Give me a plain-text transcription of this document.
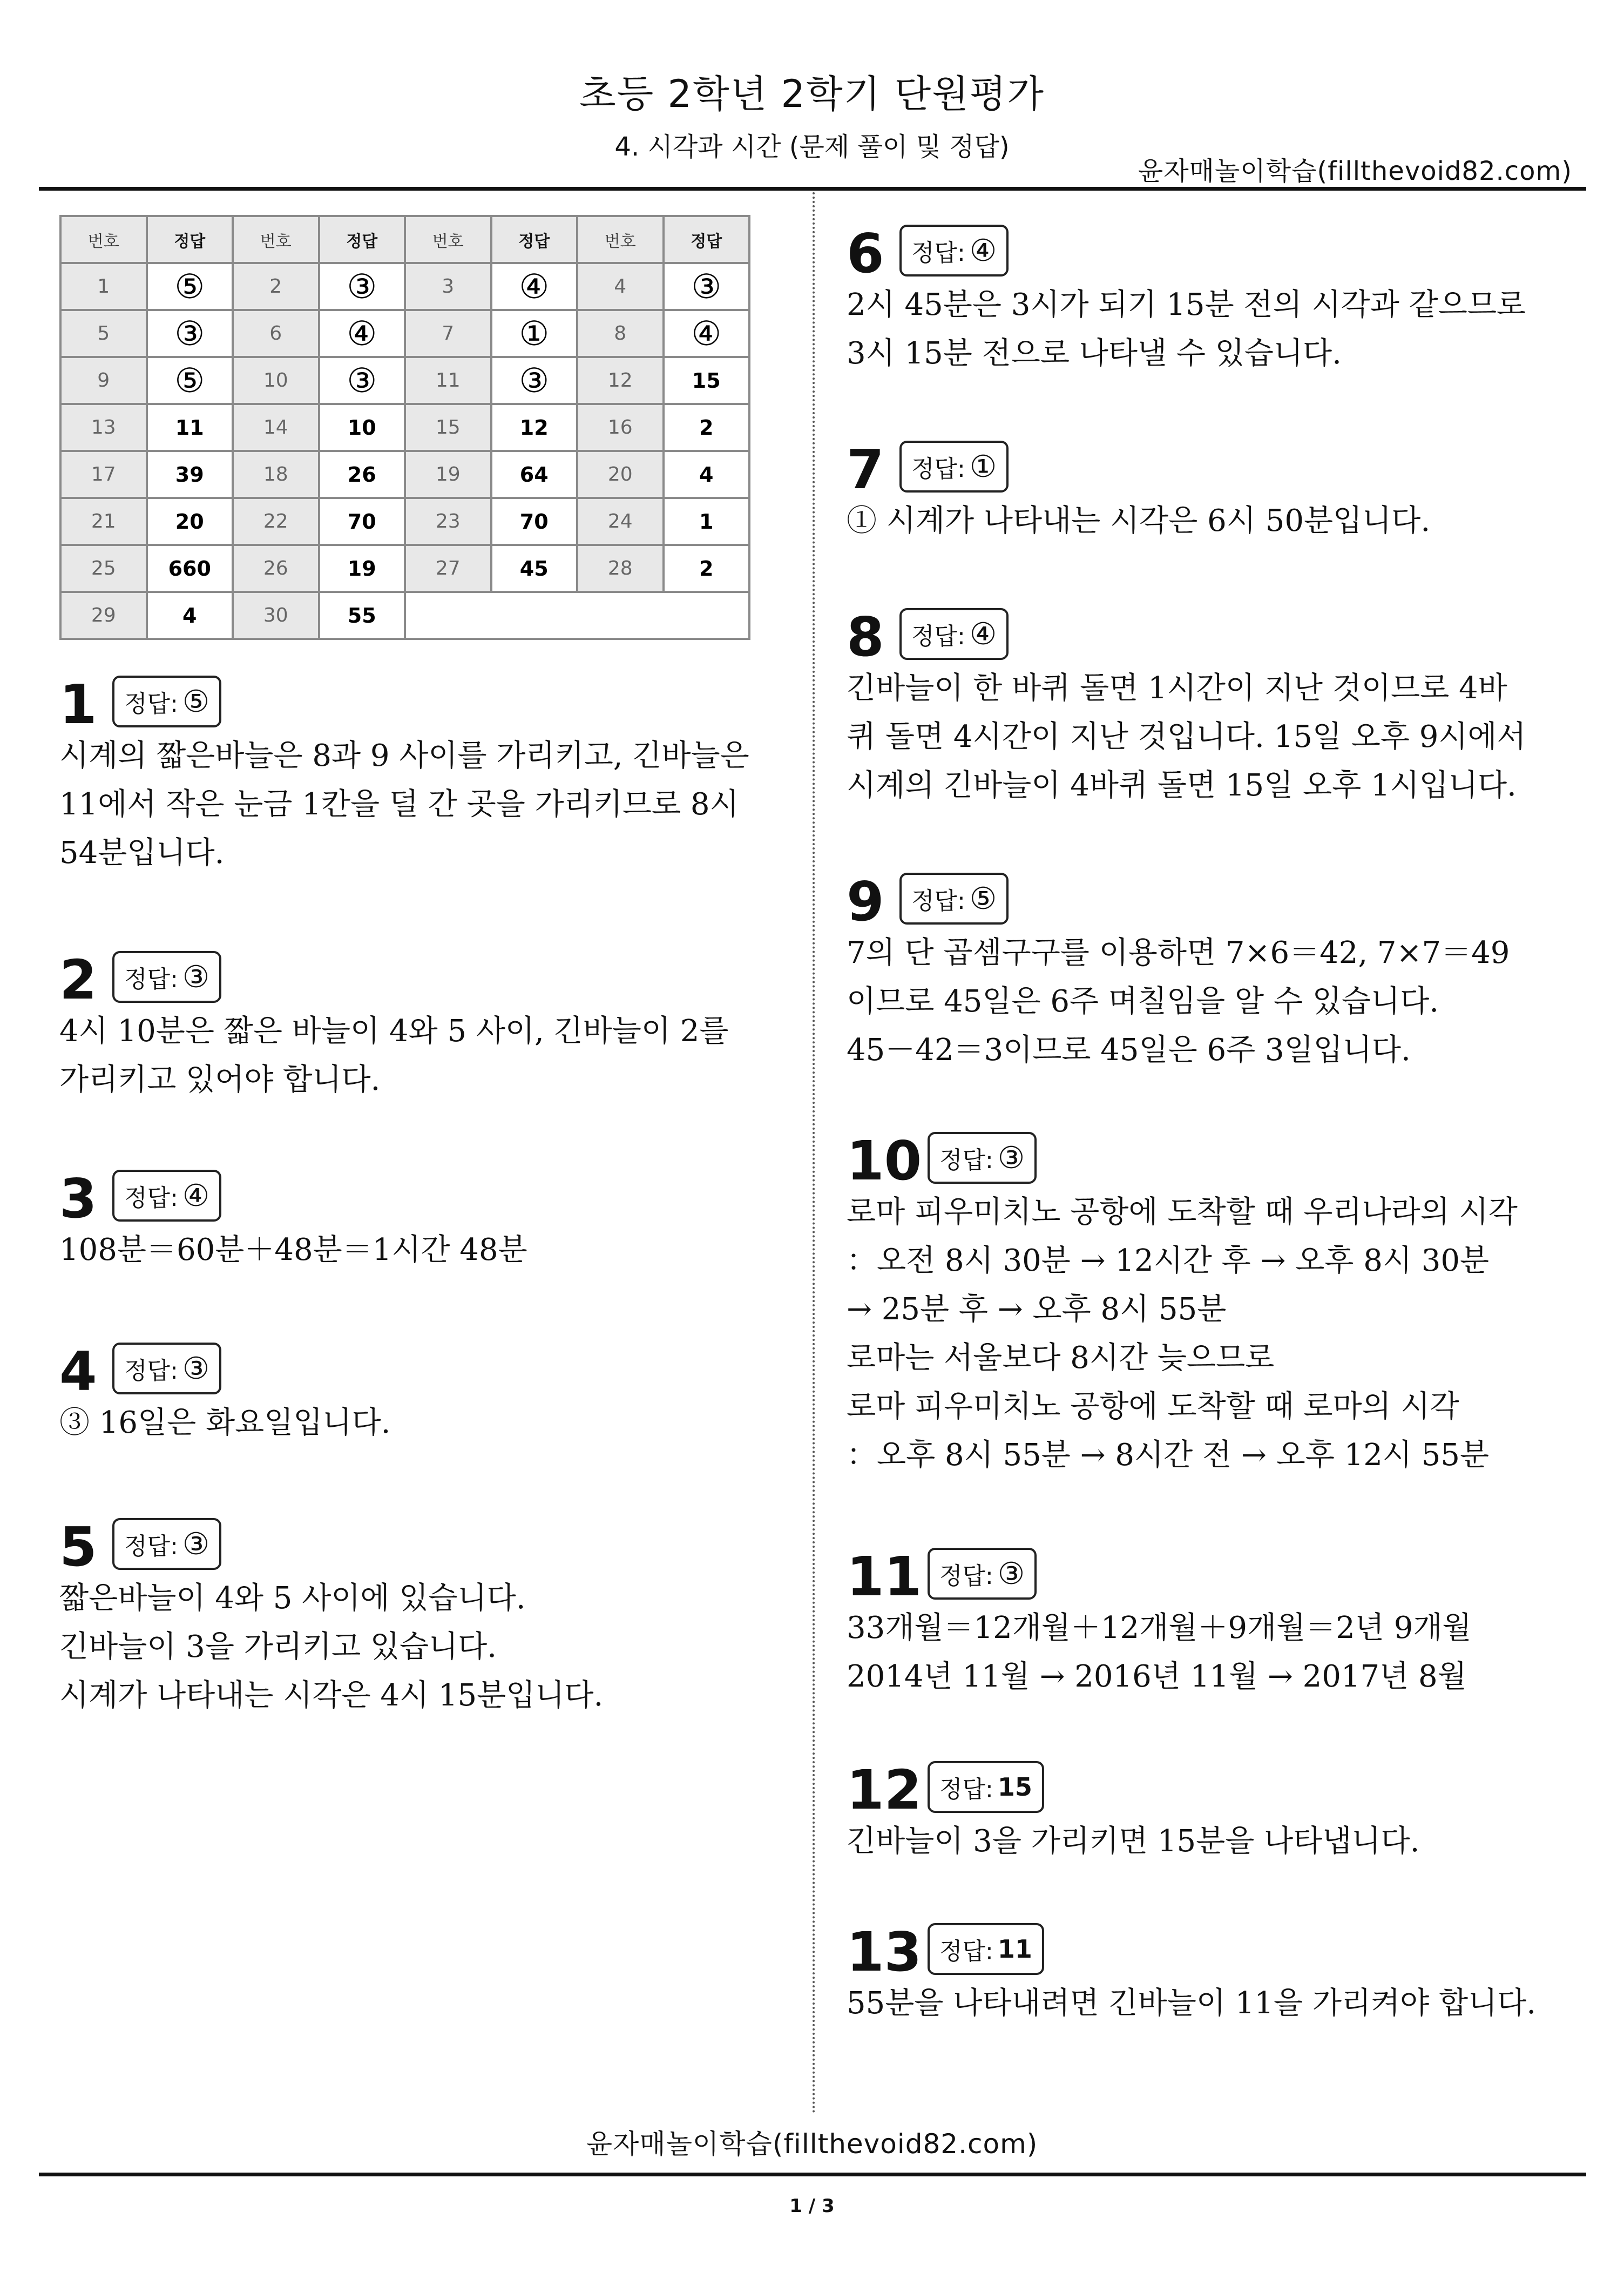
초등 2학년 2학기 단원평가
4. 시각과 시간 (문제 풀이 및 정답)
윤자매놀이학습(fillthevoid82.com)
번호	정답	번호	정답	번호	정답	번호	정답
1	⑤	2	③	3	④	4	③
5	③	6	④	7	①	8	④
9	⑤	10	③	11	③	12	15
13	11	14	10	15	12	16	2
17	39	18	26	19	64	20	4
21	20	22	70	23	70	24	1
25	660	26	19	27	45	28	2
29	4	30	55				
1 정답: ⑤
시계의 짧은바늘은 8과 9 사이를 가리키고, 긴바늘은
11에서 작은 눈금 1칸을 덜 간 곳을 가리키므로 8시
54분입니다.
2 정답: ③
4시 10분은 짧은 바늘이 4와 5 사이, 긴바늘이 2를
가리키고 있어야 합니다.
3 정답: ④
108분＝60분＋48분＝1시간 48분
4 정답: ③
③ 16일은 화요일입니다.
5 정답: ③
짧은바늘이 4와 5 사이에 있습니다.
긴바늘이 3을 가리키고 있습니다.
시계가 나타내는 시각은 4시 15분입니다.
6 정답: ④
2시 45분은 3시가 되기 15분 전의 시각과 같으므로
3시 15분 전으로 나타낼 수 있습니다.
7 정답: ①
① 시계가 나타내는 시각은 6시 50분입니다.
8 정답: ④
긴바늘이 한 바퀴 돌면 1시간이 지난 것이므로 4바
퀴 돌면 4시간이 지난 것입니다. 15일 오후 9시에서
시계의 긴바늘이 4바퀴 돌면 15일 오후 1시입니다.
9 정답: ⑤
7의 단 곱셈구구를 이용하면 7×6＝42, 7×7＝49
이므로 45일은 6주 며칠임을 알 수 있습니다.
45－42＝3이므로 45일은 6주 3일입니다.
10 정답: ③
로마 피우미치노 공항에 도착할 때 우리나라의 시각
：오전 8시 30분 → 12시간 후 → 오후 8시 30분
→ 25분 후 → 오후 8시 55분
로마는 서울보다 8시간 늦으므로
로마 피우미치노 공항에 도착할 때 로마의 시각
：오후 8시 55분 → 8시간 전 → 오후 12시 55분
11 정답: ③
33개월＝12개월＋12개월＋9개월＝2년 9개월
2014년 11월 → 2016년 11월 → 2017년 8월
12 정답: 15
긴바늘이 3을 가리키면 15분을 나타냅니다.
13 정답: 11
55분을 나타내려면 긴바늘이 11을 가리켜야 합니다.
윤자매놀이학습(fillthevoid82.com)
1 / 3
